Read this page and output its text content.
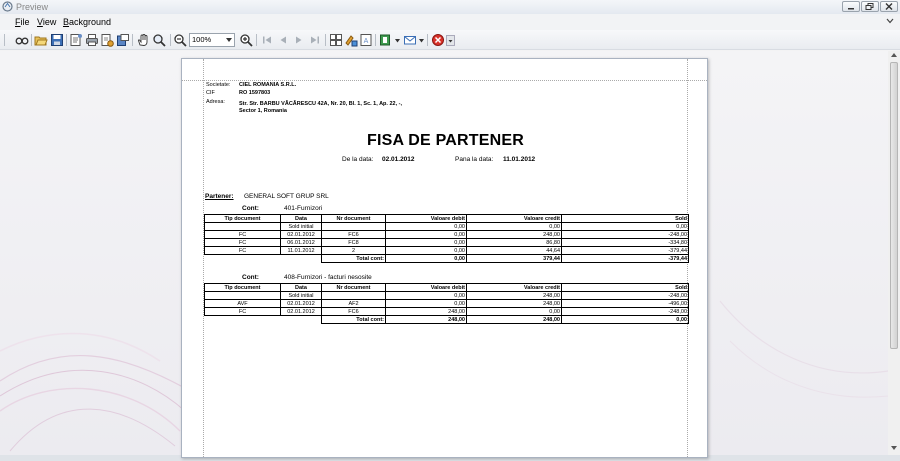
Preview
File View Background
100%	A
Societate: CIEL ROMANIA S.R.L.
CIF	RO 1597803
Adresa:	Str. Str. BARBU VĂCĂRESCU 42A, Nr. 20, Bl. 1, Sc. 1, Ap. 22, -,
Sector 1, Romania
FISA DE PARTENER
De la data: 02.01.2012	Pana la data: 11.01.2012
Partener: GENERAL SOFT GRUP SRL
Cont:	401-Furnizori
Tip document	Data	Nr document	Valoare debit	Valoare credit	Sold
	Sold initial		0,00	0,00	0,00
FC	02.01.2012	FC6	0,00	248,00	-248,00
FC	06.01.2012	FC8	0,00	86,80	-334,80
FC	11.01.2012	2	0,00	44,64	-379,44
		Total cont:	0,00	379,44	-379,44
Cont:	408-Furnizori - facturi nesosite
Tip document	Data	Nr document	Valoare debit	Valoare credit	Sold
	Sold initial		0,00	248,00	-248,00
AVF	02.01.2012	AF2	0,00	248,00	-496,00
FC	02.01.2012	FC6	248,00	0,00	-248,00
		Total cont:	248,00	248,00	0,00
